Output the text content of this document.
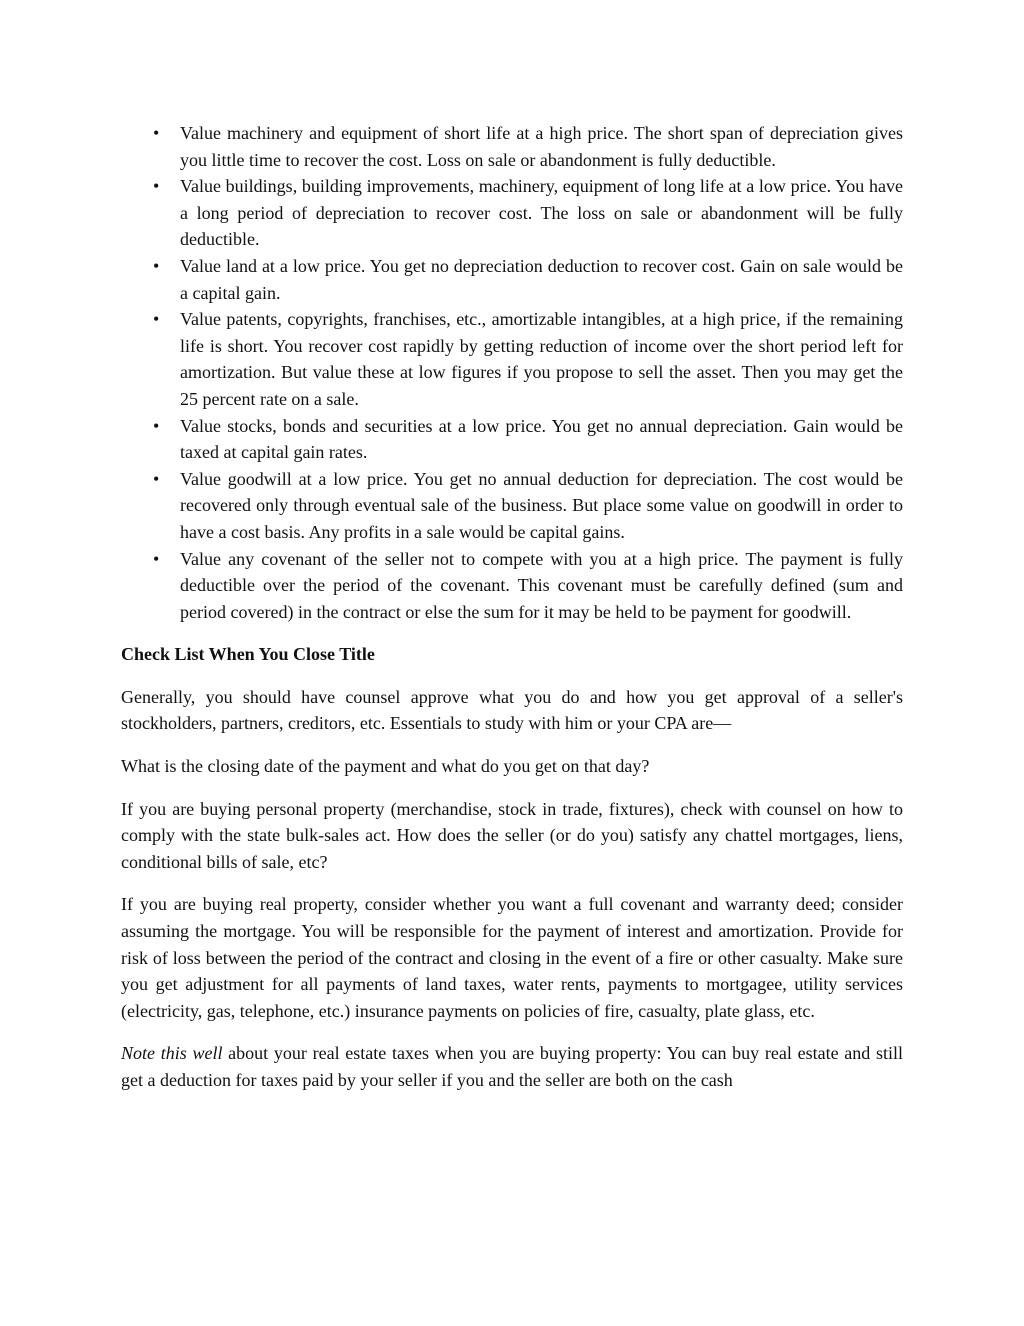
• Value machinery and equipment of short life at a high price. The short span of depreciation gives you little time to recover the cost. Loss on sale or abandonment is fully deductible.
• Value buildings, building improvements, machinery, equipment of long life at a low price. You have a long period of depreciation to recover cost. The loss on sale or abandonment will be fully deductible.
• Value land at a low price. You get no depreciation deduction to recover cost. Gain on sale would be a capital gain.
• Value patents, copyrights, franchises, etc., amortizable intangibles, at a high price, if the remaining life is short. You recover cost rapidly by getting reduction of income over the short period left for amortization. But value these at low figures if you propose to sell the asset. Then you may get the 25 percent rate on a sale.
• Value stocks, bonds and securities at a low price. You get no annual depreciation. Gain would be taxed at capital gain rates.
• Value goodwill at a low price. You get no annual deduction for depreciation. The cost would be recovered only through eventual sale of the business. But place some value on goodwill in order to have a cost basis. Any profits in a sale would be capital gains.
• Value any covenant of the seller not to compete with you at a high price. The payment is fully deductible over the period of the covenant. This covenant must be carefully defined (sum and period covered) in the contract or else the sum for it may be held to be payment for goodwill.
Check List When You Close Title

Generally, you should have counsel approve what you do and how you get approval of a seller's stockholders, partners, creditors, etc. Essentials to study with him or your CPA are—

What is the closing date of the payment and what do you get on that day?

If you are buying personal property (merchandise, stock in trade, fixtures), check with counsel on how to comply with the state bulk-sales act. How does the seller (or do you) satisfy any chattel mortgages, liens, conditional bills of sale, etc?

If you are buying real property, consider whether you want a full covenant and warranty deed; consider assuming the mortgage. You will be responsible for the payment of interest and amortization. Provide for risk of loss between the period of the contract and closing in the event of a fire or other casualty. Make sure you get adjustment for all payments of land taxes, water rents, payments to mortgagee, utility services (electricity, gas, telephone, etc.) insurance payments on policies of fire, casualty, plate glass, etc.

Note this well about your real estate taxes when you are buying property: You can buy real estate and still get a deduction for taxes paid by your seller if you and the seller are both on the cash
